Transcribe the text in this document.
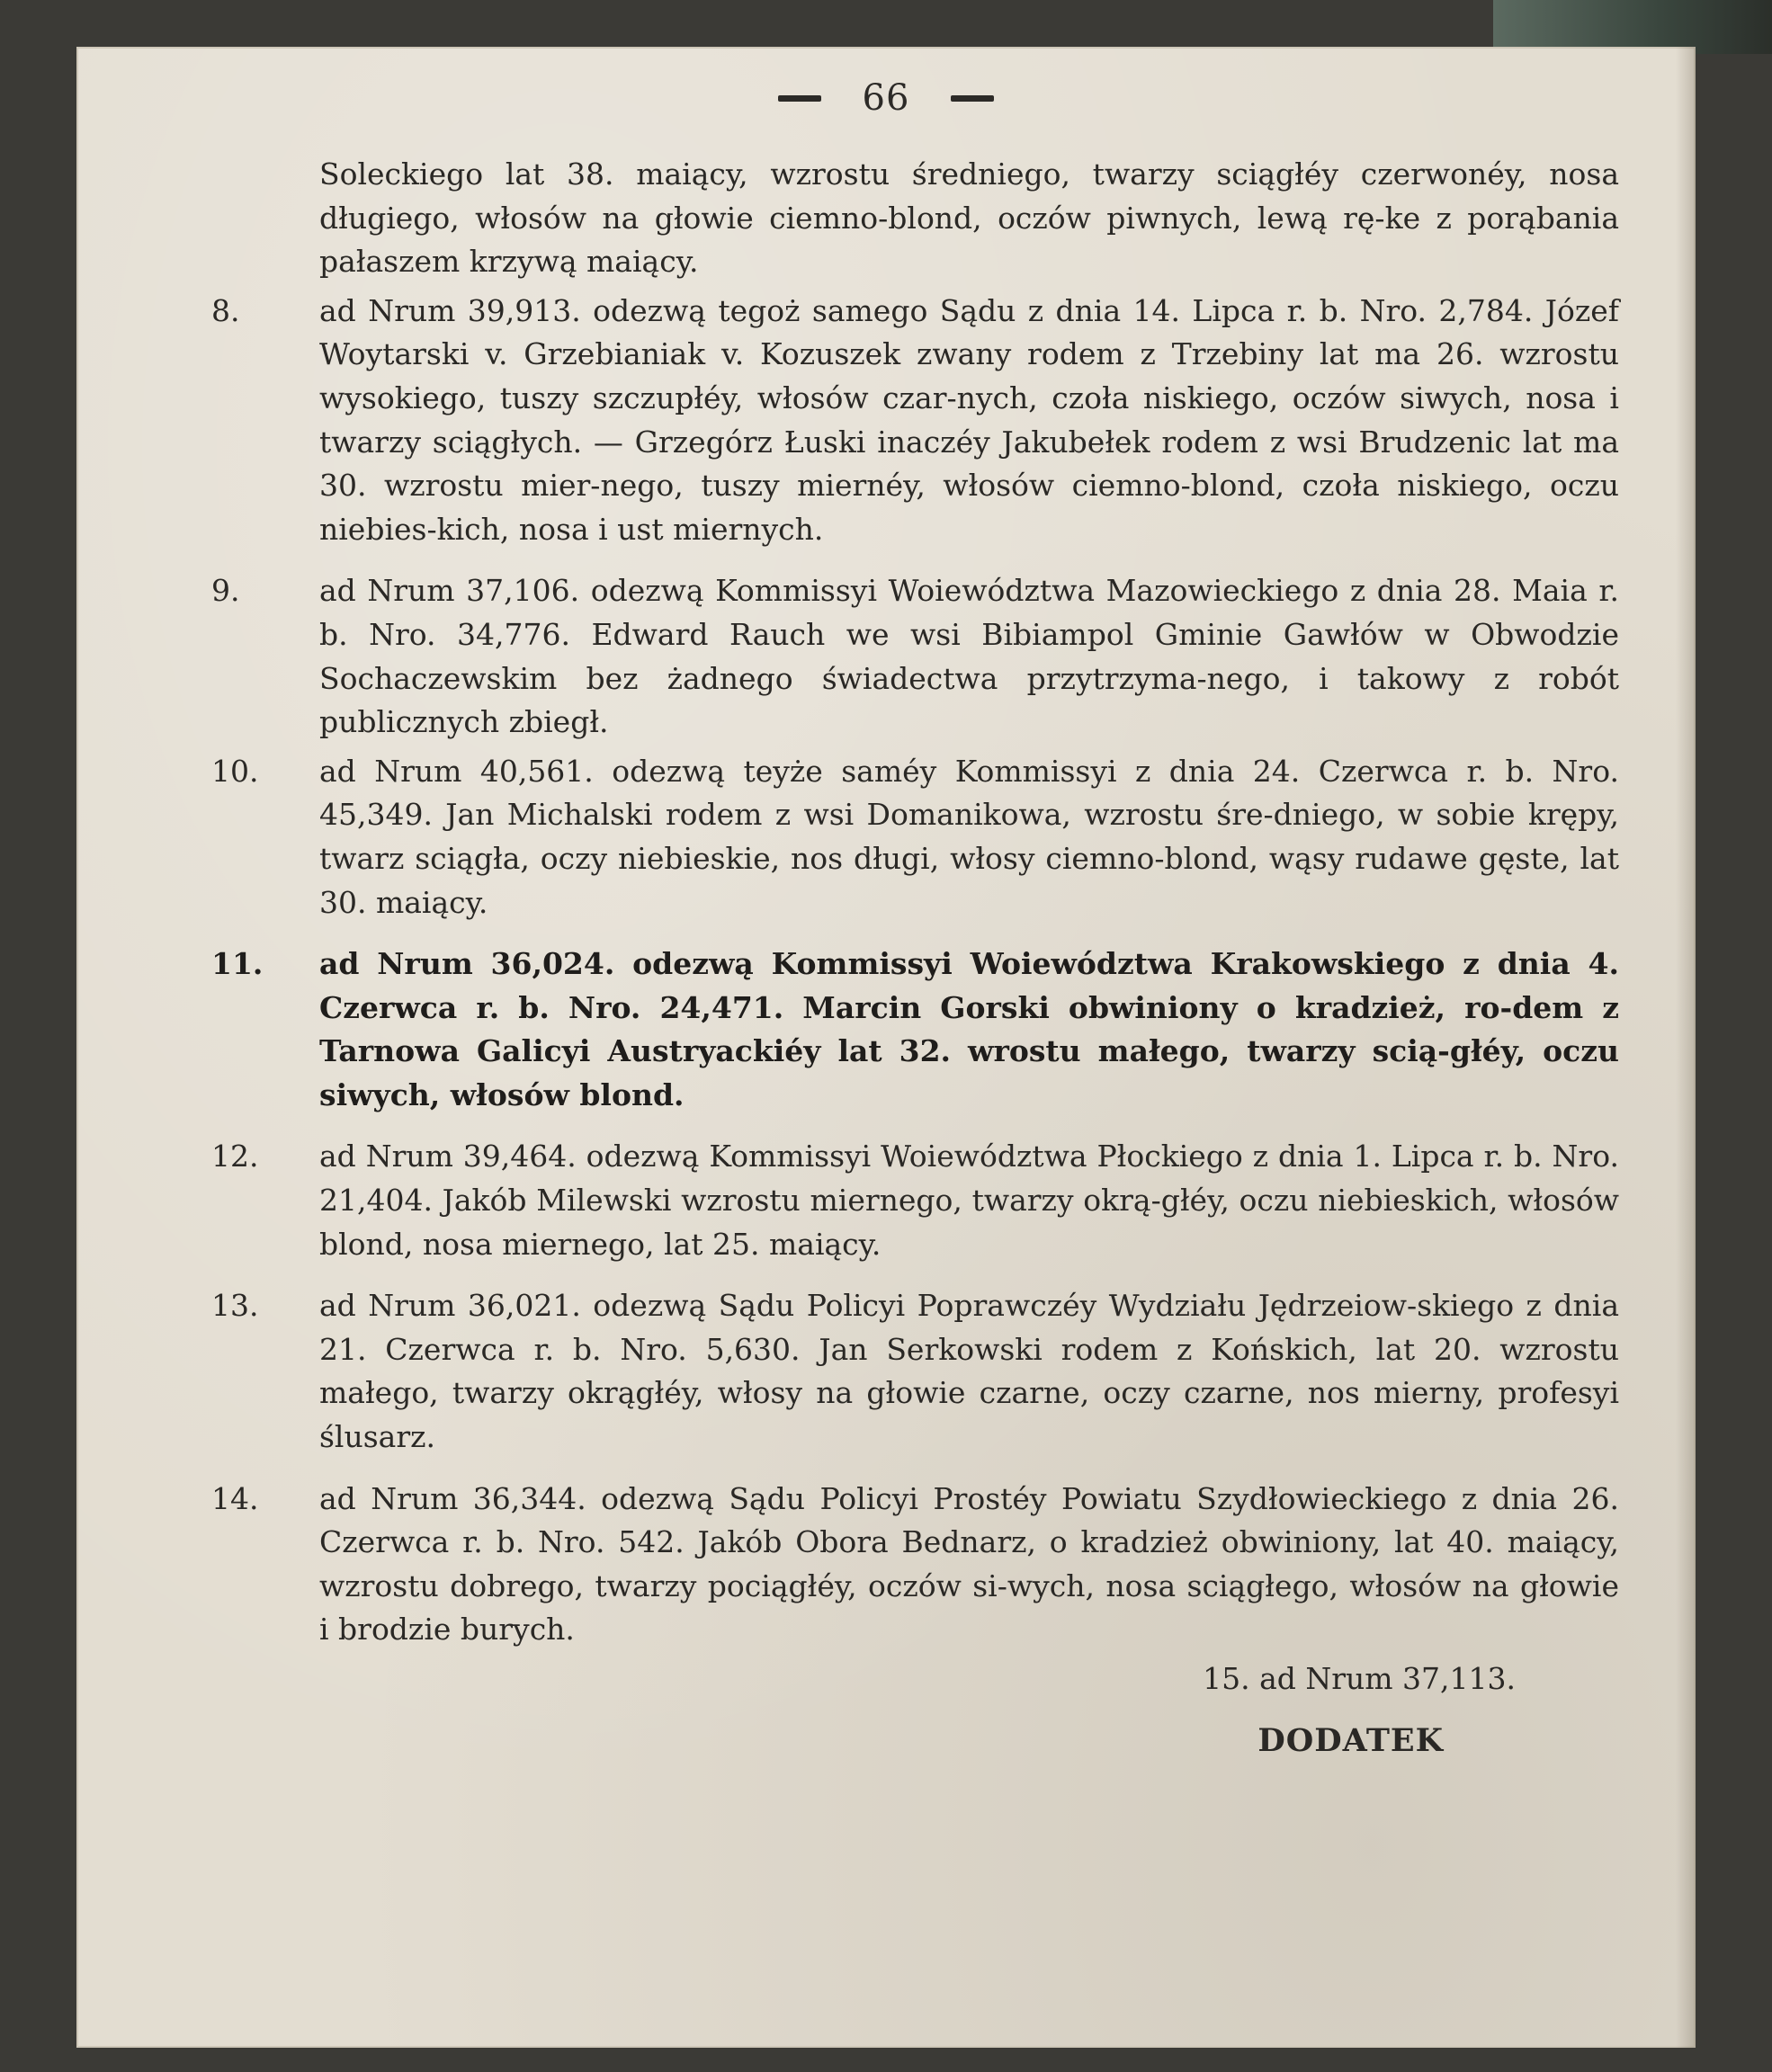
66
Soleckiego lat 38. maiący, wzrostu średniego, twarzy sciągłéy czerwonéy, nosa długiego, włosów na głowie ciemno-blond, oczów piwnych, lewą rę-ke z porąbania pałaszem krzywą maiący.
8.	ad Nrum 39,913. odezwą tegoż samego Sądu z dnia 14. Lipca r. b. Nro. 2,784. Józef Woytarski v. Grzebianiak v. Kozuszek zwany rodem z Trzebiny lat ma 26. wzrostu wysokiego, tuszy szczupłéy, włosów czar-nych, czoła niskiego, oczów siwych, nosa i twarzy sciągłych. — Grzegórz Łuski inaczéy Jakubełek rodem z wsi Brudzenic lat ma 30. wzrostu mier-nego, tuszy miernéy, włosów ciemno-blond, czoła niskiego, oczu niebies-kich, nosa i ust miernych.
9.	ad Nrum 37,106. odezwą Kommissyi Woiewództwa Mazowieckiego z dnia 28. Maia r. b. Nro. 34,776. Edward Rauch we wsi Bibiampol Gminie Gawłów w Obwodzie Sochaczewskim bez żadnego świadectwa przytrzyma-nego, i takowy z robót publicznych zbiegł.
10.	ad Nrum 40,561. odezwą teyże saméy Kommissyi z dnia 24. Czerwca r. b. Nro. 45,349. Jan Michalski rodem z wsi Domanikowa, wzrostu śre-dniego, w sobie krępy, twarz sciągła, oczy niebieskie, nos długi, włosy ciemno-blond, wąsy rudawe gęste, lat 30. maiący.
11.	ad Nrum 36,024. odezwą Kommissyi Woiewództwa Krakowskiego z dnia 4. Czerwca r. b. Nro. 24,471. Marcin Gorski obwiniony o kradzież, ro-dem z Tarnowa Galicyi Austryackiéy lat 32. wrostu małego, twarzy scią-głéy, oczu siwych, włosów blond.
12.	ad Nrum 39,464. odezwą Kommissyi Woiewództwa Płockiego z dnia 1. Lipca r. b. Nro. 21,404. Jakób Milewski wzrostu miernego, twarzy okrą-głéy, oczu niebieskich, włosów blond, nosa miernego, lat 25. maiący.
13.	ad Nrum 36,021. odezwą Sądu Policyi Poprawczéy Wydziału Jędrzeiow-skiego z dnia 21. Czerwca r. b. Nro. 5,630. Jan Serkowski rodem z Końskich, lat 20. wzrostu małego, twarzy okrągłéy, włosy na głowie czarne, oczy czarne, nos mierny, profesyi ślusarz.
14.	ad Nrum 36,344. odezwą Sądu Policyi Prostéy Powiatu Szydłowieckiego z dnia 26. Czerwca r. b. Nro. 542. Jakób Obora Bednarz, o kradzież obwiniony, lat 40. maiący, wzrostu dobrego, twarzy pociągłéy, oczów si-wych, nosa sciągłego, włosów na głowie i brodzie burych.
15. ad Nrum 37,113.
DODATEK
